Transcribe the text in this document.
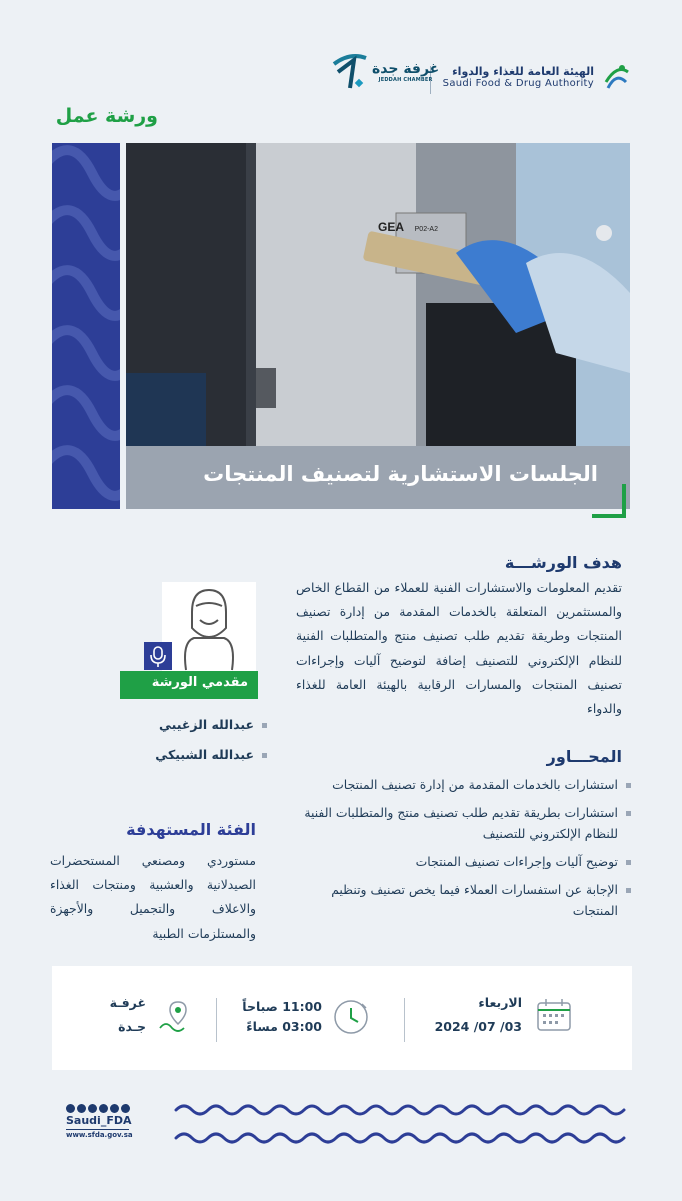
الهيئة العامة للغذاء والدواء
Saudi Food & Drug Authority
غرفة جدة
JEDDAH CHAMBER
ورشة عمل
GEA P02-A2
الجلسات الاستشارية لتصنيف المنتجات
هدف الورشـــة
تقديم المعلومات والاستشارات الفنية للعملاء من القطاع الخاص والمستثمرين المتعلقة بالخدمات المقدمة من إدارة تصنيف المنتجات وطريقة تقديم طلب تصنيف منتج والمتطلبات الفنية للنظام الإلكتروني للتصنيف إضافة لتوضيح آليات وإجراءات تصنيف المنتجات والمسارات الرقابية بالهيئة العامة للغذاء والدواء
المحـــاور
استشارات بالخدمات المقدمة من إدارة تصنيف المنتجات
استشارات بطريقة تقديم طلب تصنيف منتج والمتطلبات الفنية للنظام الإلكتروني للتصنيف
توضيح آليات وإجراءات تصنيف المنتجات
الإجابة عن استفسارات العملاء فيما يخص تصنيف وتنظيم المنتجات
مقدمي الورشة
عبدالله الزغيبي
عبدالله الشبيكي
الفئة المستهدفة
مستوردي ومصنعي المستحضرات الصيدلانية والعشبية ومنتجات الغذاء والاعلاف والتجميل والأجهزة والمستلزمات الطبية
الاربعاء
2024 /07 /03
11:00 صباحاً
03:00 مساءً
غرفـة
جـدة
Saudi_FDA
www.sfda.gov.sa
